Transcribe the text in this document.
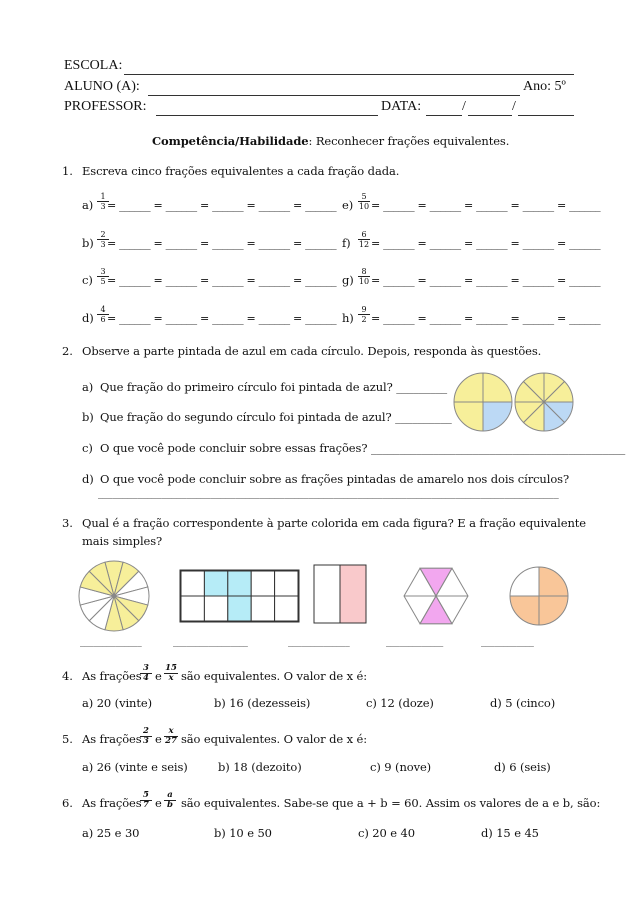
ESCOLA:
ALUNO (A):	Ano: 5º
PROFESSOR:	DATA:	/	/
Competência/Habilidade: Reconhecer frações equivalentes.
1. Escreva cinco frações equivalentes a cada fração dada.
$a) \frac{1}{3}$
= ______ = ______ = ______ = ______ = ______
$b) \frac{2}{3}$
= ______ = ______ = ______ = ______ = ______
$c) \frac{3}{5}$
= ______ = ______ = ______ = ______ = ______
$d) \frac{4}{6}$
= ______ = ______ = ______ = ______ = ______
$e) \frac{5}{10}$ = ______ = ______ = ______ = ______ = ______
$f) \frac{6}{12}$ = ______ = ______ = ______ = ______ = ______
$g) \frac{8}{10}$ = ______ = ______ = ______ = ______ = ______
$h) \frac{9}{2}$ = ______ = ______ = ______ = ______ = ______
2. Observe a parte pintada de azul em cada círculo. Depois, responda às questões.
a) Que fração do primeiro círculo foi pintada de azul? _________
b) Que fração do segundo círculo foi pintada de azul? __________
c) O que você pode concluir sobre essas frações? _____________________________________________
d) O que você pode concluir sobre as frações pintadas de amarelo nos dois círculos?
______________________________________________________________________________________________
3. Qual é a fração correspondente à parte colorida em cada figura? E a fração equivalente
mais simples?
______________	_________________	______________	_____________	____________
4. As frações
$\frac{3}{4}$ e $\frac{15}{x}$ são equivalentes. O valor de x é:
a) 20 (vinte)	b) 16 (dezesseis)	c) 12 (doze)	d) 5 (cinco)
5. As frações
$\frac{2}{3}$ e $\frac{x}{27}$ são equivalentes. O valor de x é:
a) 26 (vinte e seis)	b) 18 (dezoito)	c) 9 (nove)	d) 6 (seis)
6. As frações
$\frac{5}{7}$ e $\frac{a}{b}$ são equivalentes. Sabe-se que a + b = 60. Assim os valores de a e b, são:
a) 25 e 30	b) 10 e 50	c) 20 e 40	d) 15 e 45
